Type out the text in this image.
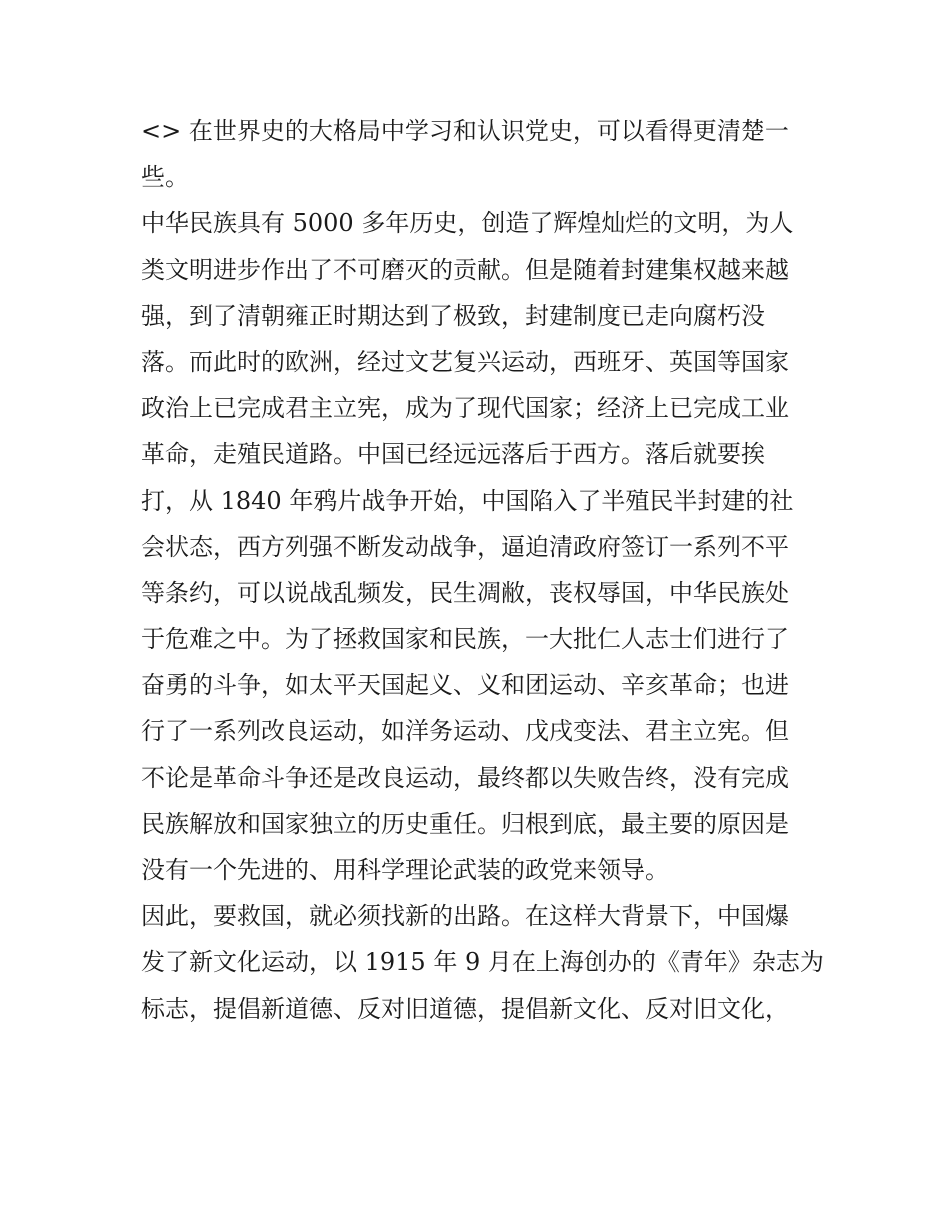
<> 在世界史的大格局中学习和认识党史，可以看得更清楚一
些。
中华民族具有 5000 多年历史，创造了辉煌灿烂的文明，为人
类文明进步作出了不可磨灭的贡献。但是随着封建集权越来越
强，到了清朝雍正时期达到了极致，封建制度已走向腐朽没
落。而此时的欧洲，经过文艺复兴运动，西班牙、英国等国家
政治上已完成君主立宪，成为了现代国家；经济上已完成工业
革命，走殖民道路。中国已经远远落后于西方。落后就要挨
打，从 1840 年鸦片战争开始，中国陷入了半殖民半封建的社
会状态，西方列强不断发动战争，逼迫清政府签订一系列不平
等条约，可以说战乱频发，民生凋敝，丧权辱国，中华民族处
于危难之中。为了拯救国家和民族，一大批仁人志士们进行了
奋勇的斗争，如太平天国起义、义和团运动、辛亥革命；也进
行了一系列改良运动，如洋务运动、戊戌变法、君主立宪。但
不论是革命斗争还是改良运动，最终都以失败告终，没有完成
民族解放和国家独立的历史重任。归根到底，最主要的原因是
没有一个先进的、用科学理论武装的政党来领导。
因此，要救国，就必须找新的出路。在这样大背景下，中国爆
发了新文化运动，以 1915 年 9 月在上海创办的《青年》杂志为
标志，提倡新道德、反对旧道德，提倡新文化、反对旧文化，
